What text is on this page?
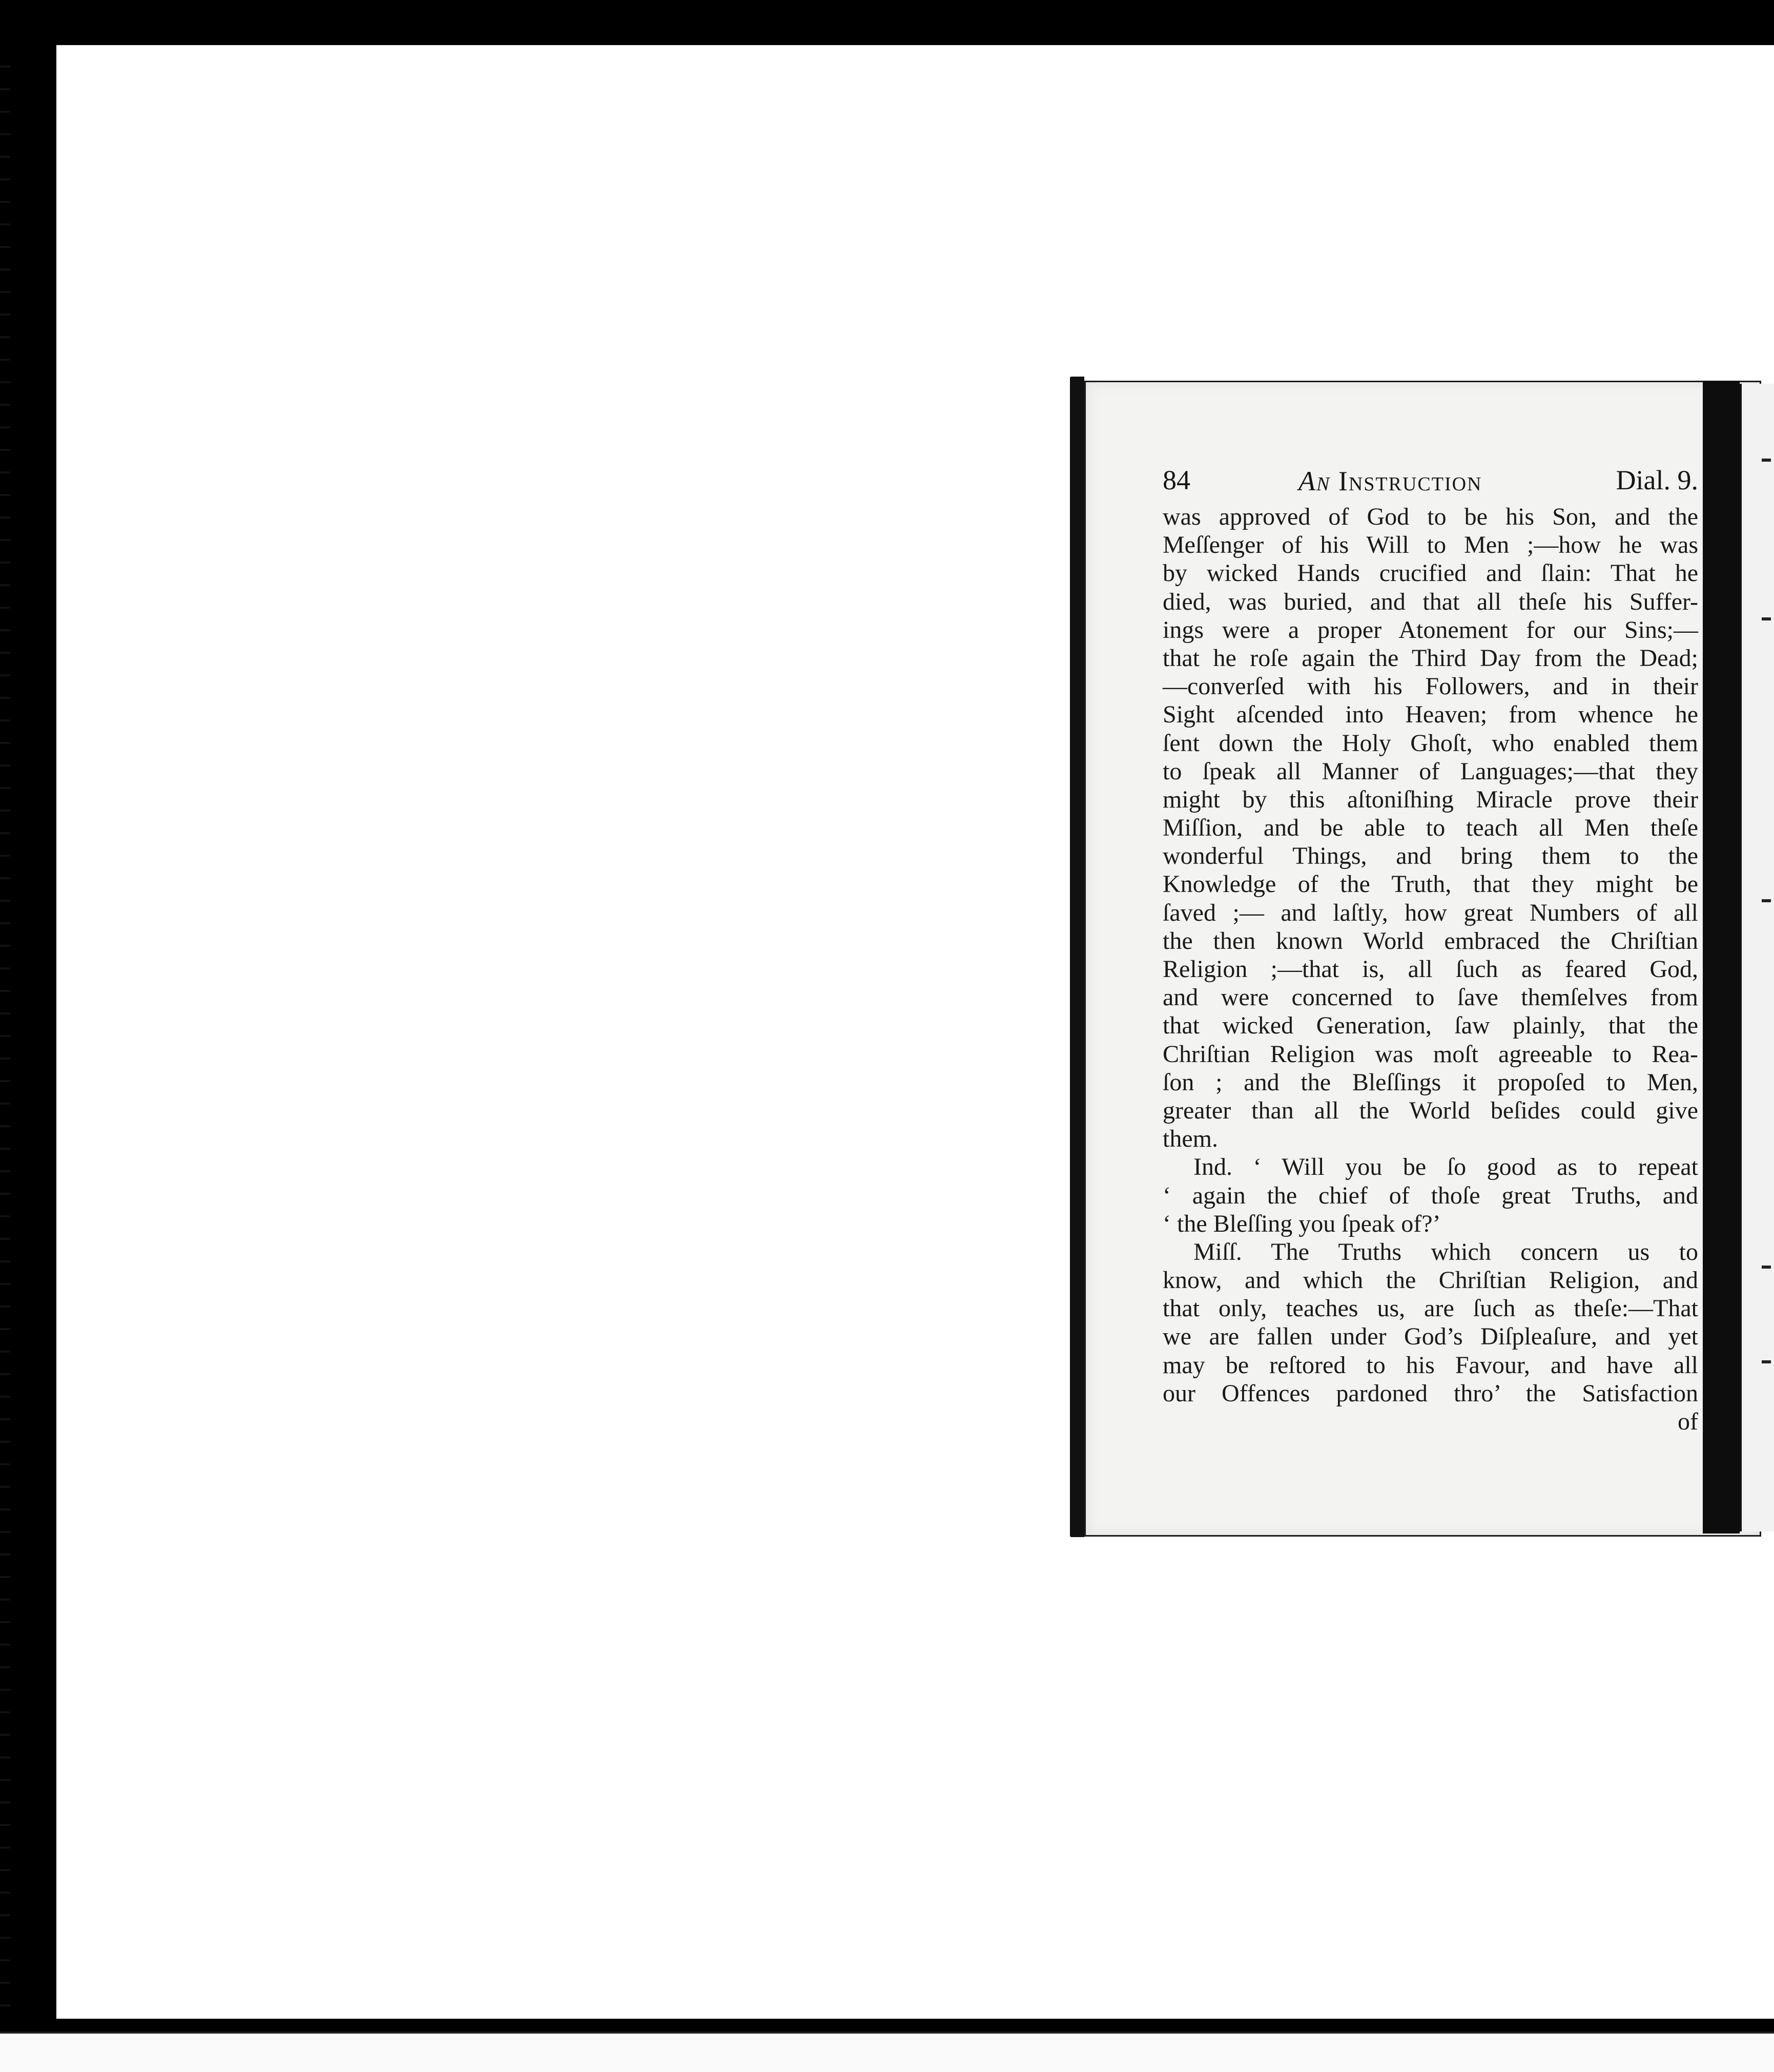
84	An Instruction	Dial. 9.
was approved of God to be his Son, and the
Meſſenger of his Will to Men ;—how he was
by wicked Hands crucified and ſlain: That he
died, was buried, and that all theſe his Suffer-
ings were a proper Atonement for our Sins;—
that he roſe again the Third Day from the Dead;
—converſed with his Followers, and in their
Sight aſcended into Heaven; from whence he
ſent down the Holy Ghoſt, who enabled them
to ſpeak all Manner of Languages;—that they
might by this aſtoniſhing Miracle prove their
Miſſion, and be able to teach all Men theſe
wonderful Things, and bring them to the
Knowledge of the Truth, that they might be
ſaved ;— and laſtly, how great Numbers of all
the then known World embraced the Chriſtian
Religion ;—that is, all ſuch as feared God,
and were concerned to ſave themſelves from
that wicked Generation, ſaw plainly, that the
Chriſtian Religion was moſt agreeable to Rea-
ſon ; and the Bleſſings it propoſed to Men,
greater than all the World beſides could give
them.
Ind. ‘ Will you be ſo good as to repeat
‘ again the chief of thoſe great Truths, and
‘ the Bleſſing you ſpeak of?’
Miſſ. The Truths which concern us to
know, and which the Chriſtian Religion, and
that only, teaches us, are ſuch as theſe:—That
we are fallen under God’s Diſpleaſure, and yet
may be reſtored to his Favour, and have all
our Offences pardoned thro’ the Satisfaction
of
